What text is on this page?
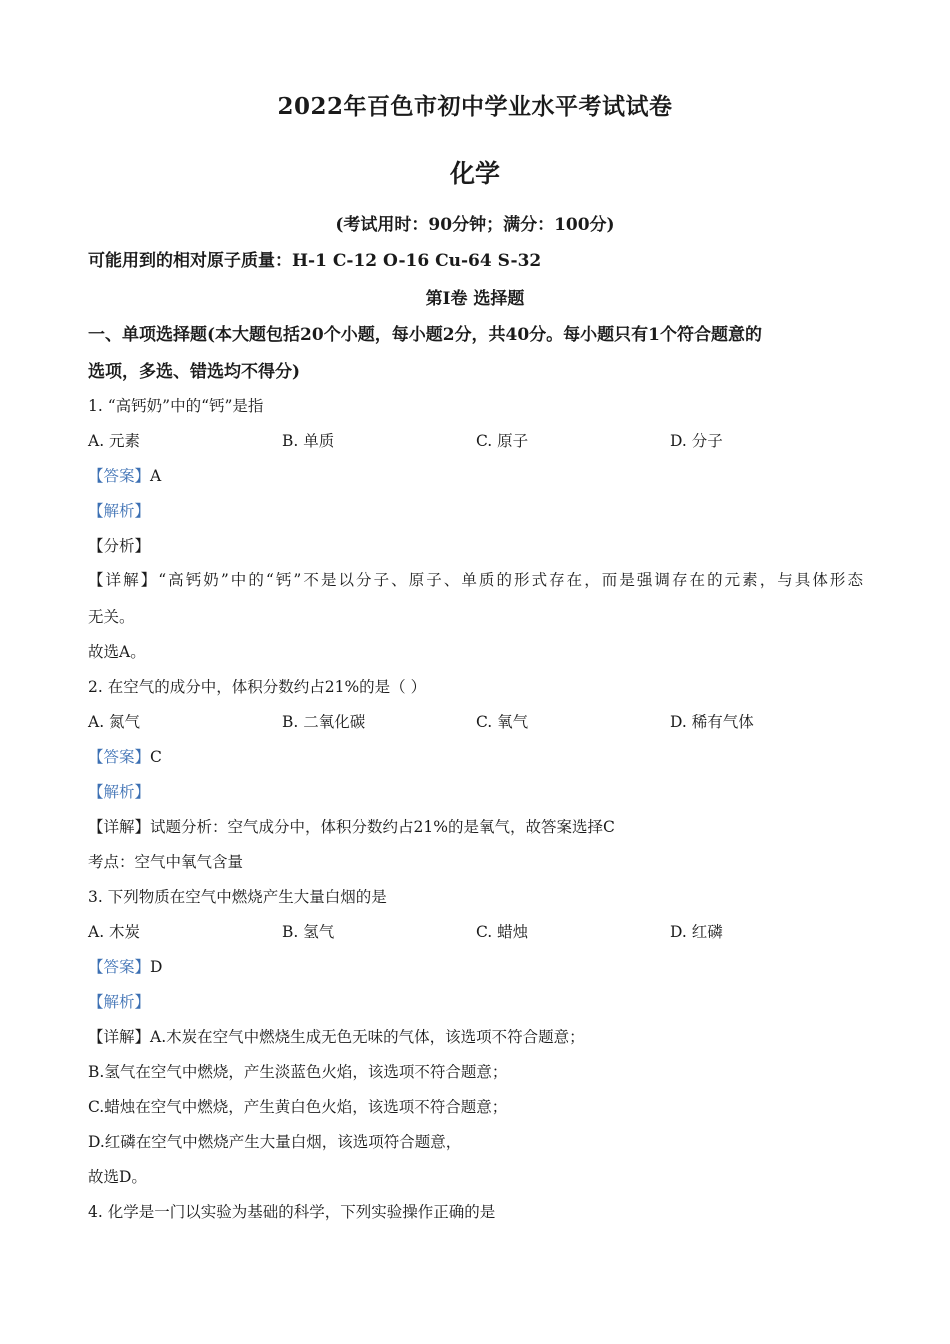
2022年百色市初中学业水平考试试卷
化学
(考试用时：90分钟；满分：100分)
可能用到的相对原子质量：H-1 C-12 O-16 Cu-64 S-32
第Ⅰ卷 选择题
一、单项选择题(本大题包括20个小题，每小题2分，共40分。每小题只有1个符合题意的
选项，多选、错选均不得分)
1. “高钙奶”中的“钙”是指
A. 元素	B. 单质	C. 原子	D. 分子
【答案】A
【解析】
【分析】
【详解】“高钙奶”中的“钙”不是以分子、原子、单质的形式存在，而是强调存在的元素，与具体形态
无关。
故选A。
2. 在空气的成分中，体积分数约占21%的是（ ）
A. 氮气	B. 二氧化碳	C. 氧气	D. 稀有气体
【答案】C
【解析】
【详解】试题分析：空气成分中，体积分数约占21%的是氧气，故答案选择C
考点：空气中氧气含量
3. 下列物质在空气中燃烧产生大量白烟的是
A. 木炭	B. 氢气	C. 蜡烛	D. 红磷
【答案】D
【解析】
【详解】A.木炭在空气中燃烧生成无色无味的气体，该选项不符合题意；
B.氢气在空气中燃烧，产生淡蓝色火焰，该选项不符合题意；
C.蜡烛在空气中燃烧，产生黄白色火焰，该选项不符合题意；
D.红磷在空气中燃烧产生大量白烟，该选项符合题意，
故选D。
4. 化学是一门以实验为基础的科学，下列实验操作正确的是
